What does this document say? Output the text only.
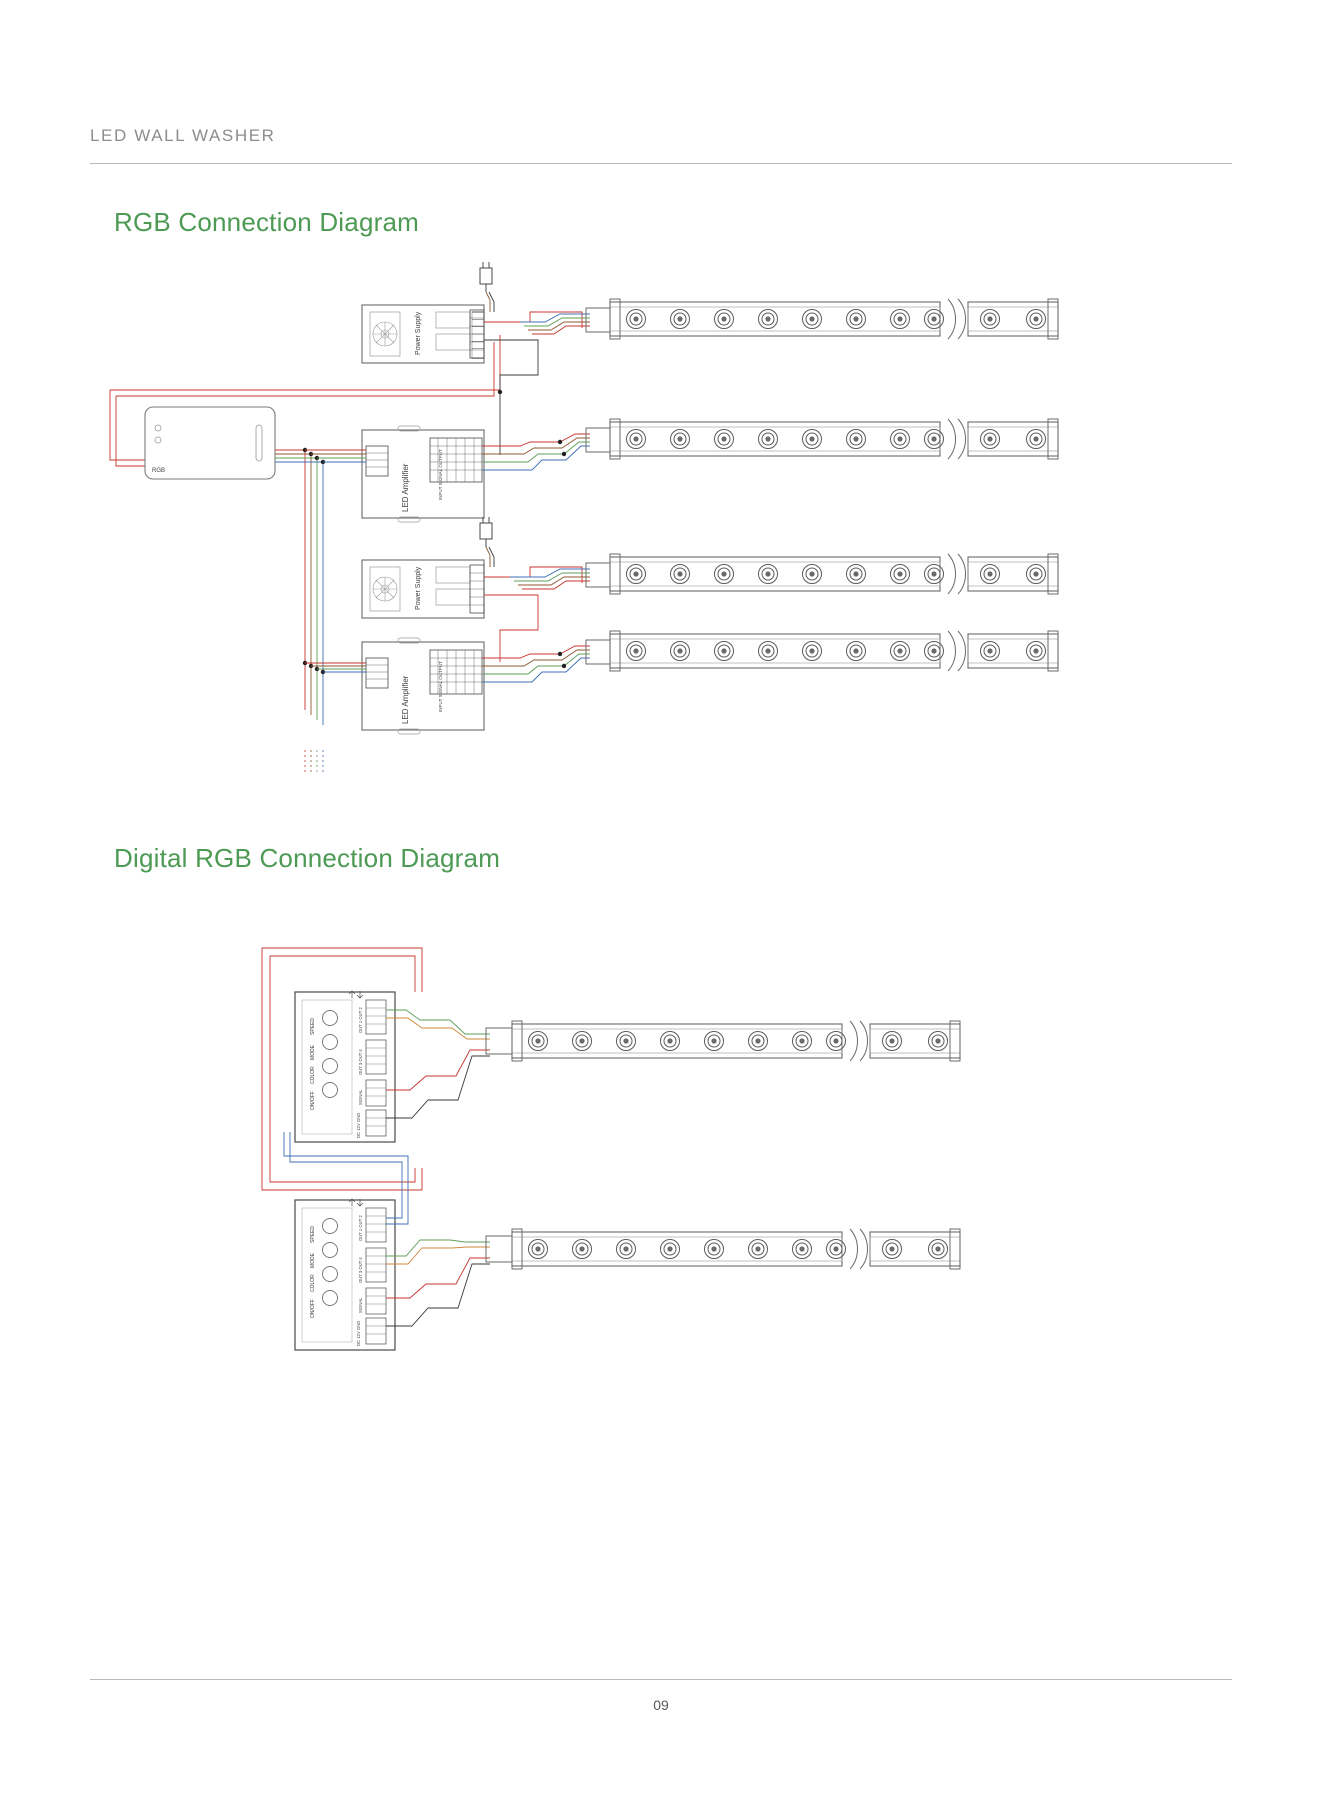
LED WALL WASHER
RGB Connection Diagram
RGB
Power Supply
LED Amplifier	INPUT SIGNAL OUTPUT
Power Supply
LED Amplifier	INPUT SIGNAL OUTPUT
Digital RGB Connection Diagram
SPEED
MODE
COLOR
ON/OFF
OUT 1 OUT 2
OUT 3 OUT 4
SIGNAL
DC 12V GND
SPEED
MODE
COLOR
ON/OFF
OUT 1 OUT 2
OUT 3 OUT 4
SIGNAL
DC 12V GND
09
